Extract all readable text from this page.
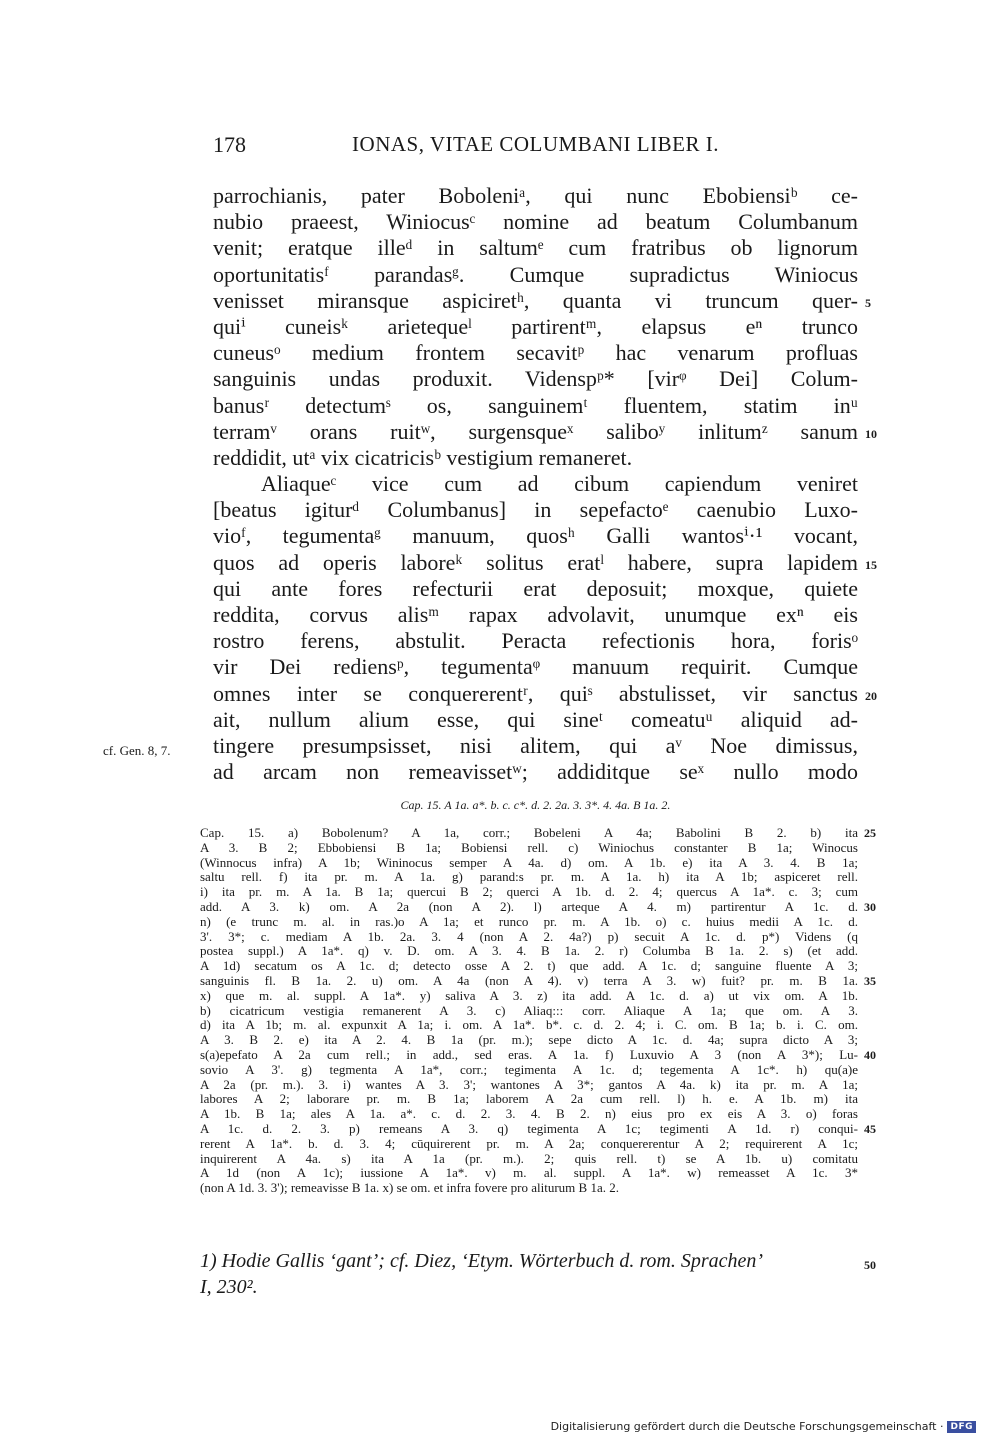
178	IONAS, VITAE COLUMBANI LIBER I.
parrochianis, pater Boboleniᵃ, qui nunc Ebobiensiᵇ ce-
nubio praeest, Winiocusᶜ nomine ad beatum Columbanum
venit; eratque illeᵈ in saltumᵉ cum fratribus ob lignorum
oportunitatisᶠ parandasᵍ. Cumque supradictus Winiocus
venisset miransque aspiciretʰ, quanta vi truncum quer- 5
quiⁱ cuneisᵏ arietequeˡ partirentᵐ, elapsus eⁿ trunco
cuneusᵒ medium frontem secavitᵖ hac venarum profluas
sanguinis undas produxit. Videnspᵖ* [virᵠ Dei] Colum-
banusʳ detectumˢ os, sanguinemᵗ fluentem, statim inᵘ
terramᵛ orans ruitʷ, surgensqueˣ saliboʸ inlitumᶻ sanum 10
reddidit, utᵃ vix cicatricisᵇ vestigium remaneret.
Aliaqueᶜ vice cum ad cibum capiendum veniret
[beatus igiturᵈ Columbanus] in sepefactoᵉ caenubio Luxo-
vioᶠ, tegumentaᵍ manuum, quosʰ Galli wantosⁱ·¹ vocant,
quos ad operis laboreᵏ solitus eratˡ habere, supra lapidem 15
qui ante fores refecturii erat deposuit; moxque, quiete
reddita, corvus alisᵐ rapax advolavit, unumque exⁿ eis
rostro ferens, abstulit. Peracta refectionis hora, forisᵒ
vir Dei rediensᵖ, tegumentaᵠ manuum requirit. Cumque
omnes inter se conquererentʳ, quiˢ abstulisset, vir sanctus 20
ait, nullum alium esse, qui sineᵗ comeatuᵘ aliquid ad-
tingere presumpsisset, nisi alitem, qui aᵛ Noe dimissus,
cf. Gen. 8, 7.
ad arcam non remeavissetʷ; addiditque seˣ nullo modo
Cap. 15. A 1a. a*. b. c. c*. d. 2. 2a. 3. 3*. 4. 4a. B 1a. 2.
Cap. 15. a) Bobolenum? A 1a, corr.; Bobeleni A 4a; Babolini B 2. b) ita 25
A 3. B 2; Ebbobiensi B 1a; Bobiensi rell. c) Winiochus constanter B 1a; Winocus
(Winnocus infra) A 1b; Wininocus semper A 4a. d) om. A 1b. e) ita A 3. 4. B 1a;
saltu rell. f) ita pr. m. A 1a. g) parand:s pr. m. A 1a. h) ita A 1b; aspiceret rell.
i) ita pr. m. A 1a. B 1a; quercui B 2; querci A 1b. d. 2. 4; quercus A 1a*. c. 3; cum
add. A 3. k) om. A 2a (non A 2). l) arteque A 4. m) partirentur A 1c. d. 30
n) (e trunc m. al. in ras.)o A 1a; et runco pr. m. A 1b. o) c. huius medii A 1c. d.
3'. 3*; c. mediam A 1b. 2a. 3. 4 (non A 2. 4a?) p) secuit A 1c. d. p*) Videns (q
postea suppl.) A 1a*. q) v. D. om. A 3. 4. B 1a. 2. r) Columba B 1a. 2. s) (et add.
A 1d) secatum os A 1c. d; detecto osse A 2. t) que add. A 1c. d; sanguine fluente A 3;
sanguinis fl. B 1a. 2. u) om. A 4a (non A 4). v) terra A 3. w) fuit? pr. m. B 1a. 35
x) que m. al. suppl. A 1a*. y) saliva A 3. z) ita add. A 1c. d. a) ut vix om. A 1b.
b) cicatricum vestigia remanerent A 3. c) Aliaq::: corr. Aliaque A 1a; que om. A 3.
d) ita A 1b; m. al. expunxit A 1a; i. om. A 1a*. b*. c. d. 2. 4; i. C. om. B 1a; b. i. C. om.
A 3. B 2. e) ita A 2. 4. B 1a (pr. m.); sepe dicto A 1c. d. 4a; supra dicto A 3;
s(a)epefato A 2a cum rell.; in add., sed eras. A 1a. f) Luxuvio A 3 (non A 3*); Lu- 40
sovio A 3'. g) tegmenta A 1a*, corr.; tegimenta A 1c. d; tegementa A 1c*. h) qu(a)e
A 2a (pr. m.). 3. i) wantes A 3. 3'; wantones A 3*; gantos A 4a. k) ita pr. m. A 1a;
labores A 2; laborare pr. m. B 1a; laborem A 2a cum rell. l) h. e. A 1b. m) ita
A 1b. B 1a; ales A 1a. a*. c. d. 2. 3. 4. B 2. n) eius pro ex eis A 3. o) foras
A 1c. d. 2. 3. p) remeans A 3. q) tegimenta A 1c; tegimenti A 1d. r) conqui- 45
rerent A 1a*. b. d. 3. 4; cūquirerent pr. m. A 2a; conquererentur A 2; requirerent A 1c;
inquirerent A 4a. s) ita A 1a (pr. m.). 2; quis rell. t) se A 1b. u) comitatu
A 1d (non A 1c); iussione A 1a*. v) m. al. suppl. A 1a*. w) remeasset A 1c. 3*
(non A 1d. 3. 3'); remeavisse B 1a. x) se om. et infra fovere pro aliturum B 1a. 2.
1) Hodie Gallis ‘gant’; cf. Diez, ‘Etym. Wörterbuch d. rom. Sprachen’	50
I, 230².
Digitalisierung gefördert durch die Deutsche Forschungsgemeinschaft · DFG
